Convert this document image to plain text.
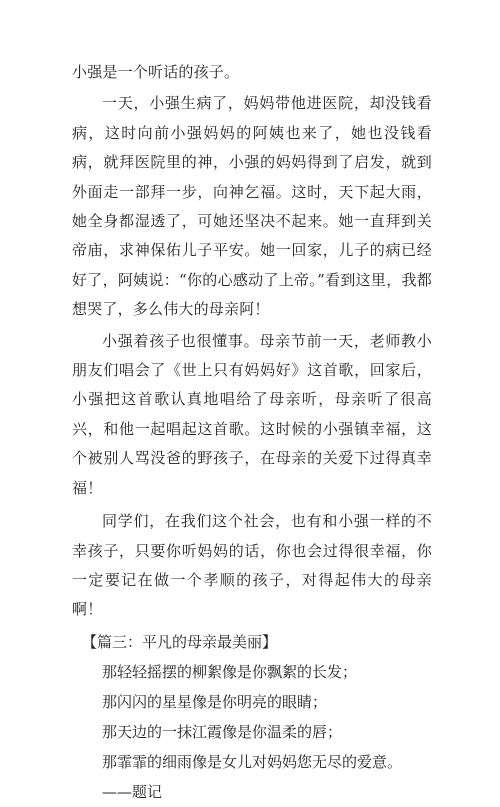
小强是一个听话的孩子。

一天，小强生病了，妈妈带他进医院，却没钱看病，这时向前小强妈妈的阿姨也来了，她也没钱看病，就拜医院里的神，小强的妈妈得到了启发，就到外面走一部拜一步，向神乞福。这时，天下起大雨，她全身都湿透了，可她还坚决不起来。她一直拜到关帝庙，求神保佑儿子平安。她一回家，儿子的病已经好了，阿姨说：“你的心感动了上帝。”看到这里，我都想哭了，多么伟大的母亲阿！

小强着孩子也很懂事。母亲节前一天，老师教小朋友们唱会了《世上只有妈妈好》这首歌，回家后，小强把这首歌认真地唱给了母亲听，母亲听了很高兴，和他一起唱起这首歌。这时候的小强镇幸福，这个被别人骂没爸的野孩子，在母亲的关爱下过得真幸福！

同学们，在我们这个社会，也有和小强一样的不幸孩子，只要你听妈妈的话，你也会过得很幸福，你一定要记在做一个孝顺的孩子，对得起伟大的母亲啊！

【篇三：平凡的母亲最美丽】

那轻轻摇摆的柳絮像是你飘絮的长发；

那闪闪的星星像是你明亮的眼睛；

那天边的一抹江霞像是你温柔的唇；

那霏霏的细雨像是女儿对妈妈您无尽的爱意。

——题记
